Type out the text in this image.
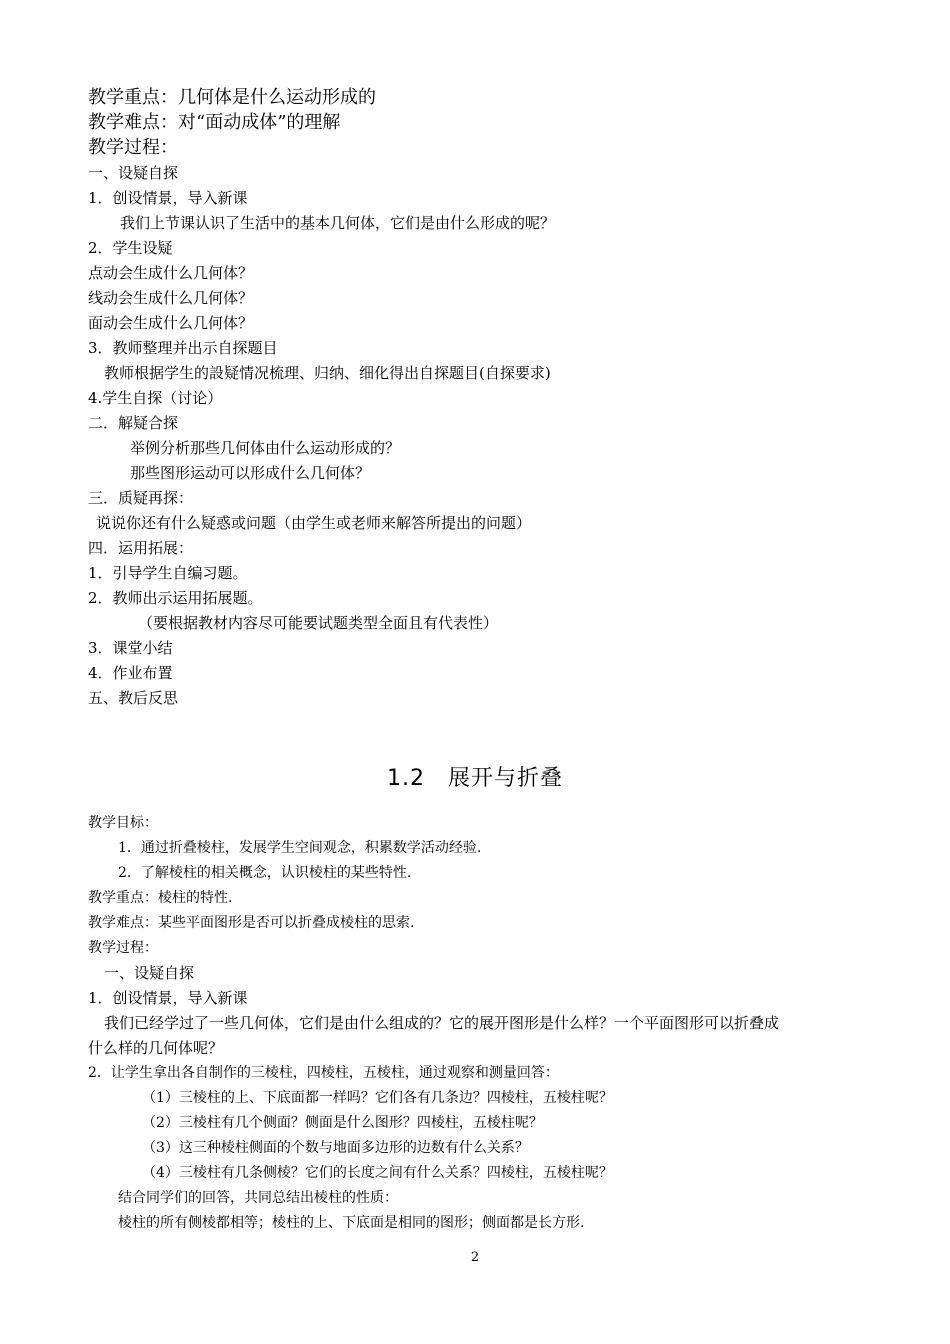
教学重点：几何体是什么运动形成的
教学难点：对“面动成体”的理解
教学过程：
一、设疑自探
1．创设情景，导入新课
我们上节课认识了生活中的基本几何体，它们是由什么形成的呢？
2．学生设疑
点动会生成什么几何体？
线动会生成什么几何体？
面动会生成什么几何体？
3．教师整理并出示自探题目
教师根据学生的設疑情况梳理、归纳、细化得出自探题目(自探要求)
4.学生自探（讨论）
二．解疑合探
举例分析那些几何体由什么运动形成的？
那些图形运动可以形成什么几何体？
三．质疑再探：
说说你还有什么疑惑或问题（由学生或老师来解答所提出的问题）
四．运用拓展：
1．引导学生自编习题。
2．教师出示运用拓展题。
（要根据教材内容尽可能要试题类型全面且有代表性）
3．课堂小结
4．作业布置
五、教后反思
1.2　展开与折叠
教学目标：
1．通过折叠棱柱，发展学生空间观念，积累数学活动经验.
2．了解棱柱的相关概念，认识棱柱的某些特性.
教学重点：棱柱的特性.
教学难点：某些平面图形是否可以折叠成棱柱的思索.
教学过程：
一、设疑自探
1．创设情景，导入新课
我们已经学过了一些几何体，它们是由什么组成的？它的展开图形是什么样？一个平面图形可以折叠成
什么样的几何体呢？
2．让学生拿出各自制作的三棱柱，四棱柱，五棱柱，通过观察和测量回答：
（1）三棱柱的上、下底面都一样吗？它们各有几条边？四棱柱，五棱柱呢？
（2）三棱柱有几个侧面？侧面是什么图形？四棱柱，五棱柱呢？
（3）这三种棱柱侧面的个数与地面多边形的边数有什么关系？
（4）三棱柱有几条侧棱？它们的长度之间有什么关系？四棱柱，五棱柱呢？
结合同学们的回答，共同总结出棱柱的性质：
棱柱的所有侧棱都相等；棱柱的上、下底面是相同的图形；侧面都是长方形.
2
